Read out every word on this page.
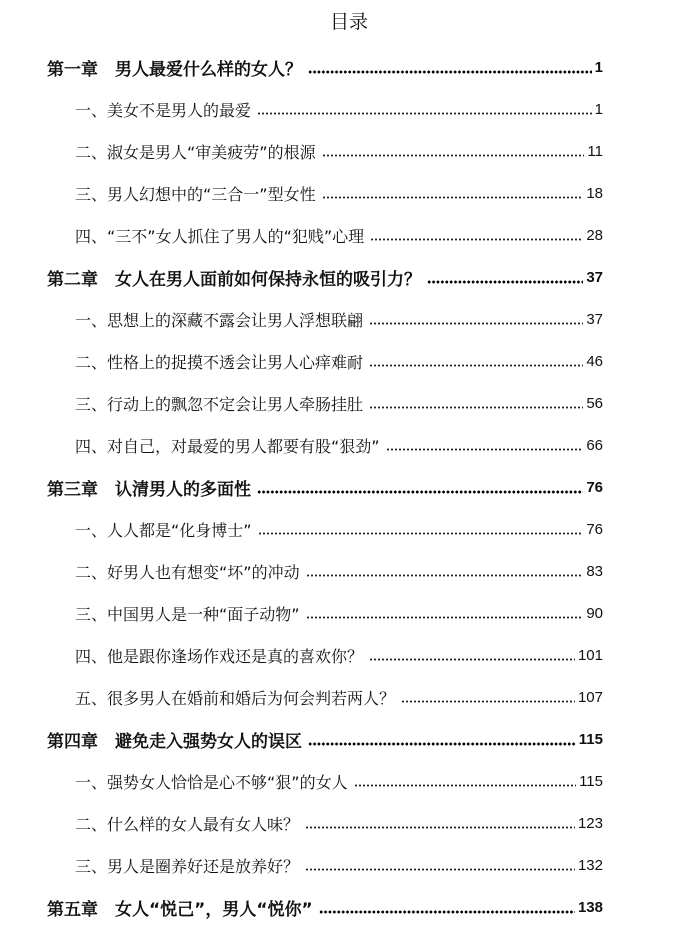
目录
第一章　男人最爱什么样的女人？	1
一、美女不是男人的最爱	1
二、淑女是男人“审美疲劳”的根源	11
三、男人幻想中的“三合一”型女性	18
四、“三不”女人抓住了男人的“犯贱”心理	28
第二章　女人在男人面前如何保持永恒的吸引力？	37
一、思想上的深藏不露会让男人浮想联翩	37
二、性格上的捉摸不透会让男人心痒难耐	46
三、行动上的飘忽不定会让男人牵肠挂肚	56
四、对自己，对最爱的男人都要有股“狠劲”	66
第三章　认清男人的多面性	76
一、人人都是“化身博士”	76
二、好男人也有想变“坏”的冲动	83
三、中国男人是一种“面子动物”	90
四、他是跟你逢场作戏还是真的喜欢你？	101
五、很多男人在婚前和婚后为何会判若两人？	107
第四章　避免走入强势女人的误区	115
一、强势女人恰恰是心不够“狠”的女人	115
二、什么样的女人最有女人味？	123
三、男人是圈养好还是放养好？	132
第五章　女人“悦己”，男人“悦你”	138
